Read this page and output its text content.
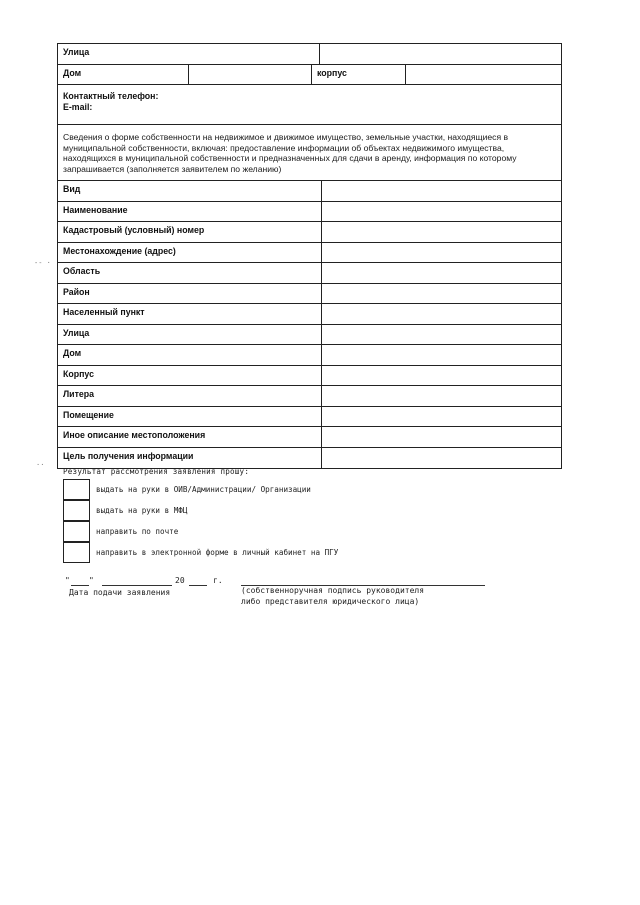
Улица
Дом	корпус
Контактный телефон:
E-mail:
Сведения о форме собственности на недвижимое и движимое имущество, земельные участки, находящиеся в муниципальной собственности, включая: предоставление информации об объектах недвижимого имущества, находящихся в муниципальной собственности и предназначенных для сдачи в аренду, информация по которому запрашивается (заполняется заявителем по желанию)
Вид
Наименование
Кадастровый (условный) номер
Местонахождение (адрес)
Область
Район
Населенный пункт
Улица
Дом
Корпус
Литера
Помещение
Иное описание местоположения
Цель получения информации
-- ·
··
Результат рассмотрения заявления прошу:
выдать на руки в ОИВ/Администрации/ Организации
выдать на руки в МФЦ
направить по почте
направить в электронной форме в личный кабинет на ПГУ
" "	20	г.
Дата подачи заявления	(собственноручная подпись руководителя
либо представителя юридического лица)
